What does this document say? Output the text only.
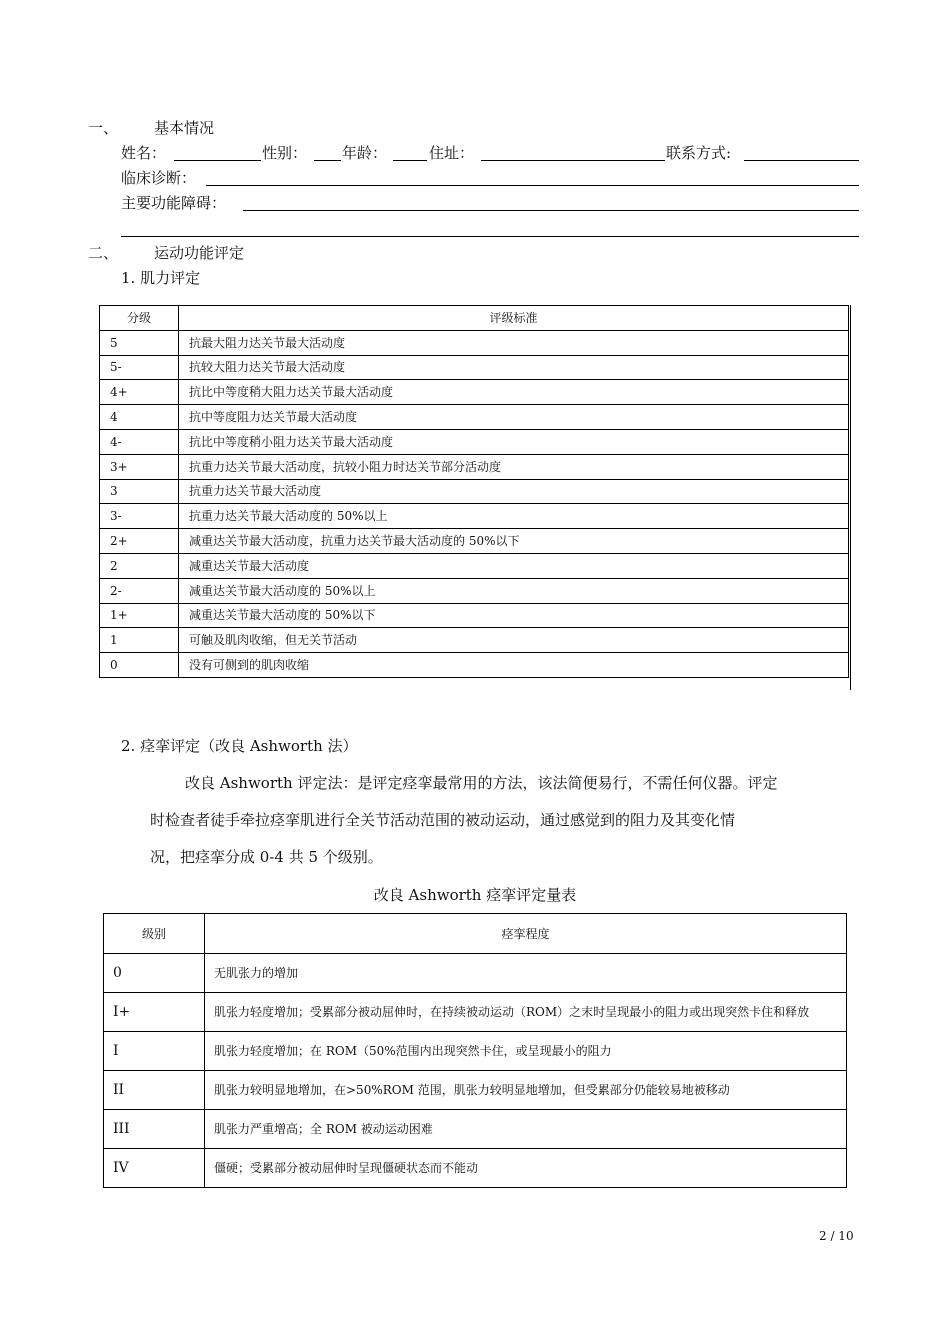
一、 基本情况
姓名：	性别： 年龄：	住址：	联系方式:
临床诊断：
主要功能障碍：
二、 运动功能评定
1. 肌力评定
分级	评级标准
5	抗最大阻力达关节最大活动度
5-	抗较大阻力达关节最大活动度
4+	抗比中等度稍大阻力达关节最大活动度
4	抗中等度阻力达关节最大活动度
4-	抗比中等度稍小阻力达关节最大活动度
3+	抗重力达关节最大活动度，抗较小阻力时达关节部分活动度
3	抗重力达关节最大活动度
3-	抗重力达关节最大活动度的 50%以上
2+	减重达关节最大活动度，抗重力达关节最大活动度的 50%以下
2	减重达关节最大活动度
2-	减重达关节最大活动度的 50%以上
1+	减重达关节最大活动度的 50%以下
1	可触及肌肉收缩，但无关节活动
0	没有可侧到的肌肉收缩
2. 痉挛评定（改良 Ashworth 法）
改良 Ashworth 评定法：是评定痉挛最常用的方法，该法简便易行，不需任何仪器。评定
时检查者徒手牵拉痉挛肌进行全关节活动范围的被动运动，通过感觉到的阻力及其变化情
况，把痉挛分成 0-4 共 5 个级别。
改良 Ashworth 痉挛评定量表
级别	痉挛程度
0	无肌张力的增加
I+	肌张力轻度增加；受累部分被动屈伸时，在持续被动运动（ROM）之末时呈现最小的阻力或出现突然卡住和释放
I	肌张力轻度增加；在 ROM（50%范围内出现突然卡住，或呈现最小的阻力
II	肌张力较明显地增加，在>50%ROM 范围，肌张力较明显地增加，但受累部分仍能较易地被移动
III	肌张力严重增高；全 ROM 被动运动困难
IV	僵硬；受累部分被动屈伸时呈现僵硬状态而不能动
2 / 10
